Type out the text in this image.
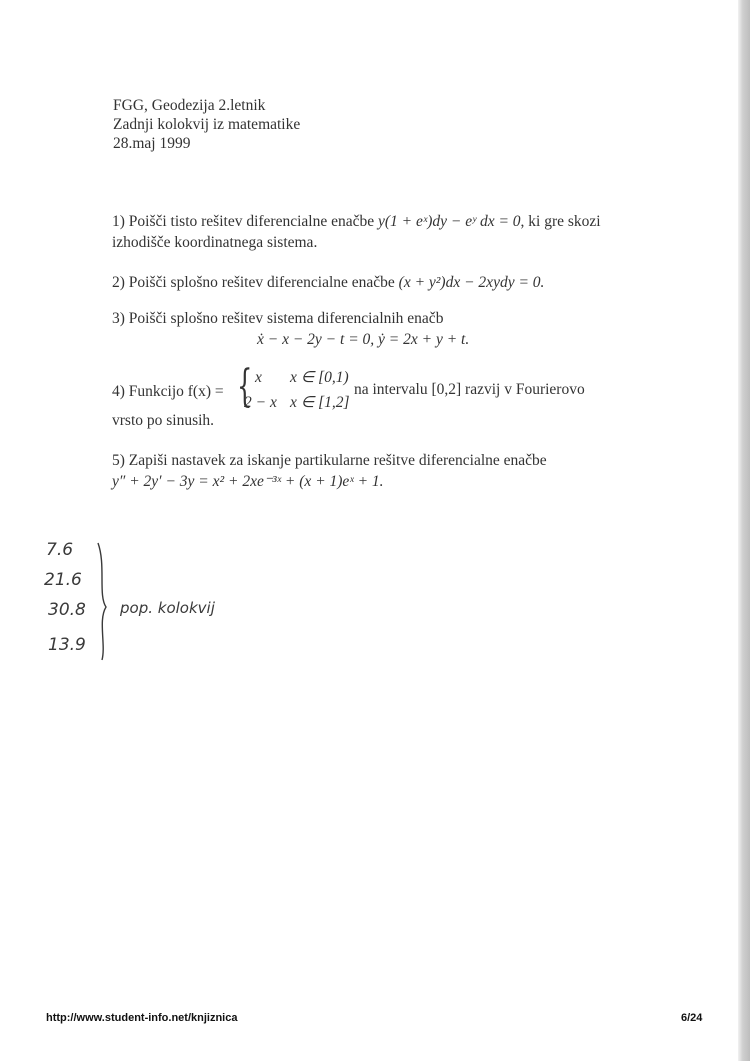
FGG, Geodezija 2.letnik
Zadnji kolokvij iz matematike
28.maj 1999
1) Poišči tisto rešitev diferencialne enačbe y(1 + eˣ)dy − eʸ dx = 0, ki gre skozi
izhodišče koordinatnega sistema.
2) Poišči splošno rešitev diferencialne enačbe (x + y²)dx − 2xydy = 0.
3) Poišči splošno rešitev sistema diferencialnih enačb
ẋ − x − 2y − t = 0, ẏ = 2x + y + t.
4) Funkcijo f(x) = { x
2 − x
x ∈ [0,1)
x ∈ [1,2]
na intervalu [0,2] razvij v Fourierovo
vrsto po sinusih.
5) Zapiši nastavek za iskanje partikularne rešitve diferencialne enačbe
y″ + 2y′ − 3y = x² + 2xe⁻³ˣ + (x + 1)eˣ + 1.
7.6
21.6
30.8
13.9
pop. kolokvij
http://www.student-info.net/knjiznica	6/24
